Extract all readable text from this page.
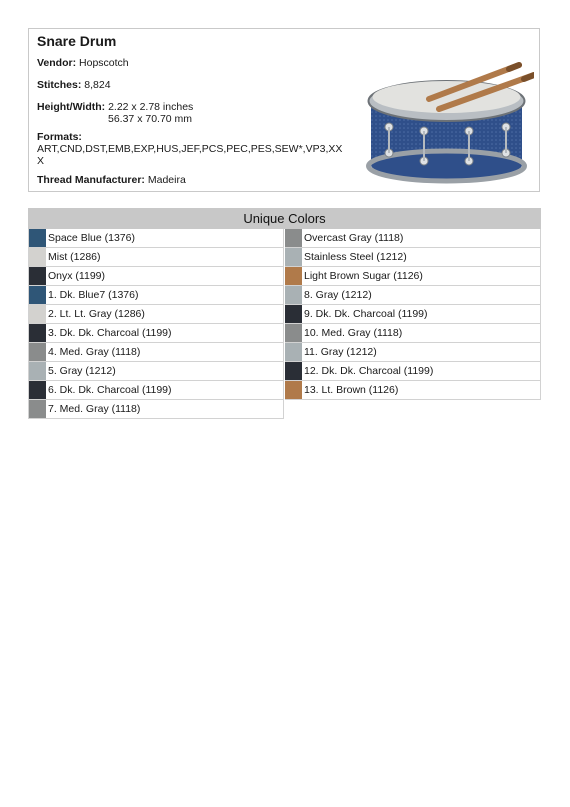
Snare Drum
Vendor: Hopscotch
Stitches: 8,824
Height/Width: 2.22 x 2.78 inches
56.37 x 70.70 mm
Formats:
ART,CND,DST,EMB,EXP,HUS,JEF,PCS,PEC,PES,SEW*,VP3,XXX
Thread Manufacturer: Madeira
Unique Colors
Space Blue (1376)
Mist (1286)
Onyx (1199)
1. Dk. Blue7 (1376)
2. Lt. Lt. Gray (1286)
3. Dk. Dk. Charcoal (1199)
4. Med. Gray (1118)
5. Gray (1212)
6. Dk. Dk. Charcoal (1199)
7. Med. Gray (1118)
Overcast Gray (1118)
Stainless Steel (1212)
Light Brown Sugar (1126)
8. Gray (1212)
9. Dk. Dk. Charcoal (1199)
10. Med. Gray (1118)
11. Gray (1212)
12. Dk. Dk. Charcoal (1199)
13. Lt. Brown (1126)
